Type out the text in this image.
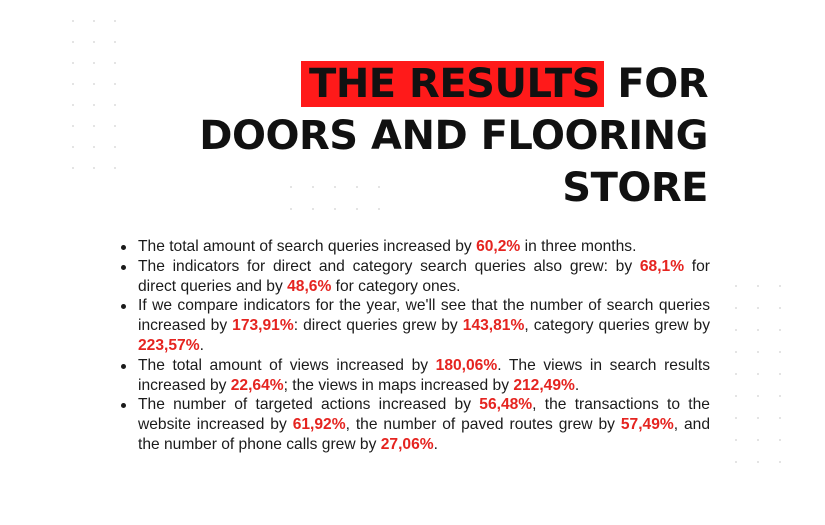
THE RESULTS FOR
DOORS AND FLOORING
STORE
The total amount of search queries increased by 60,2% in three months.
The indicators for direct and category search queries also grew: by 68,1% for direct queries and by 48,6% for category ones.
If we compare indicators for the year, we'll see that the number of search queries increased by 173,91%: direct queries grew by 143,81%, category queries grew by 223,57%.
The total amount of views increased by 180,06%. The views in search results increased by 22,64%; the views in maps increased by 212,49%.
The number of targeted actions increased by 56,48%, the transactions to the website increased by 61,92%, the number of paved routes grew by 57,49%, and the number of phone calls grew by 27,06%.
